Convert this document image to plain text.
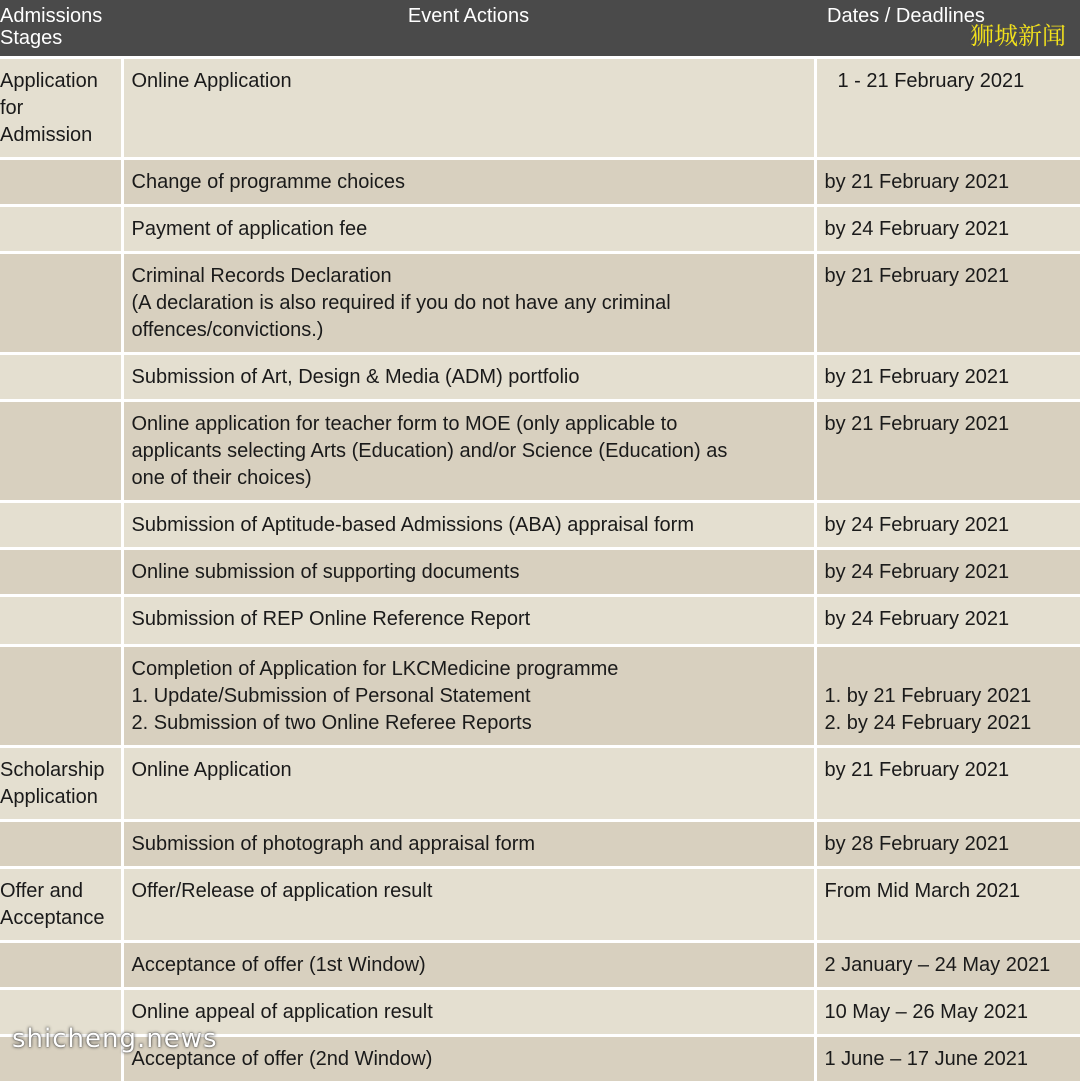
Admissions
Stages	Event Actions	Dates / Deadlines

Application
for
Admission	Online Application	1 - 21 February 2021

	Change of programme choices	by 21 February 2021

	Payment of application fee	by 24 February 2021

	Criminal Records Declaration
(A declaration is also required if you do not have any criminal
offences/convictions.)	by 21 February 2021

	Submission of Art, Design & Media (ADM) portfolio	by 21 February 2021

	Online application for teacher form to MOE (only applicable to
applicants selecting Arts (Education) and/or Science (Education) as
one of their choices)	by 21 February 2021

	Submission of Aptitude-based Admissions (ABA) appraisal form	by 24 February 2021

	Online submission of supporting documents	by 24 February 2021

	Submission of REP Online Reference Report	by 24 February 2021

	Completion of Application for LKCMedicine programme
1. Update/Submission of Personal Statement
2. Submission of two Online Referee Reports	1. by 21 February 2021
2. by 24 February 2021

Scholarship
Application	Online Application	by 21 February 2021

	Submission of photograph and appraisal form	by 28 February 2021

Offer and
Acceptance	Offer/Release of application result	From Mid March 2021

	Acceptance of offer (1st Window)	2 January – 24 May 2021

	Online appeal of application result	10 May – 26 May 2021

	Acceptance of offer (2nd Window)	1 June – 17 June 2021
狮城新闻
shicheng.news
